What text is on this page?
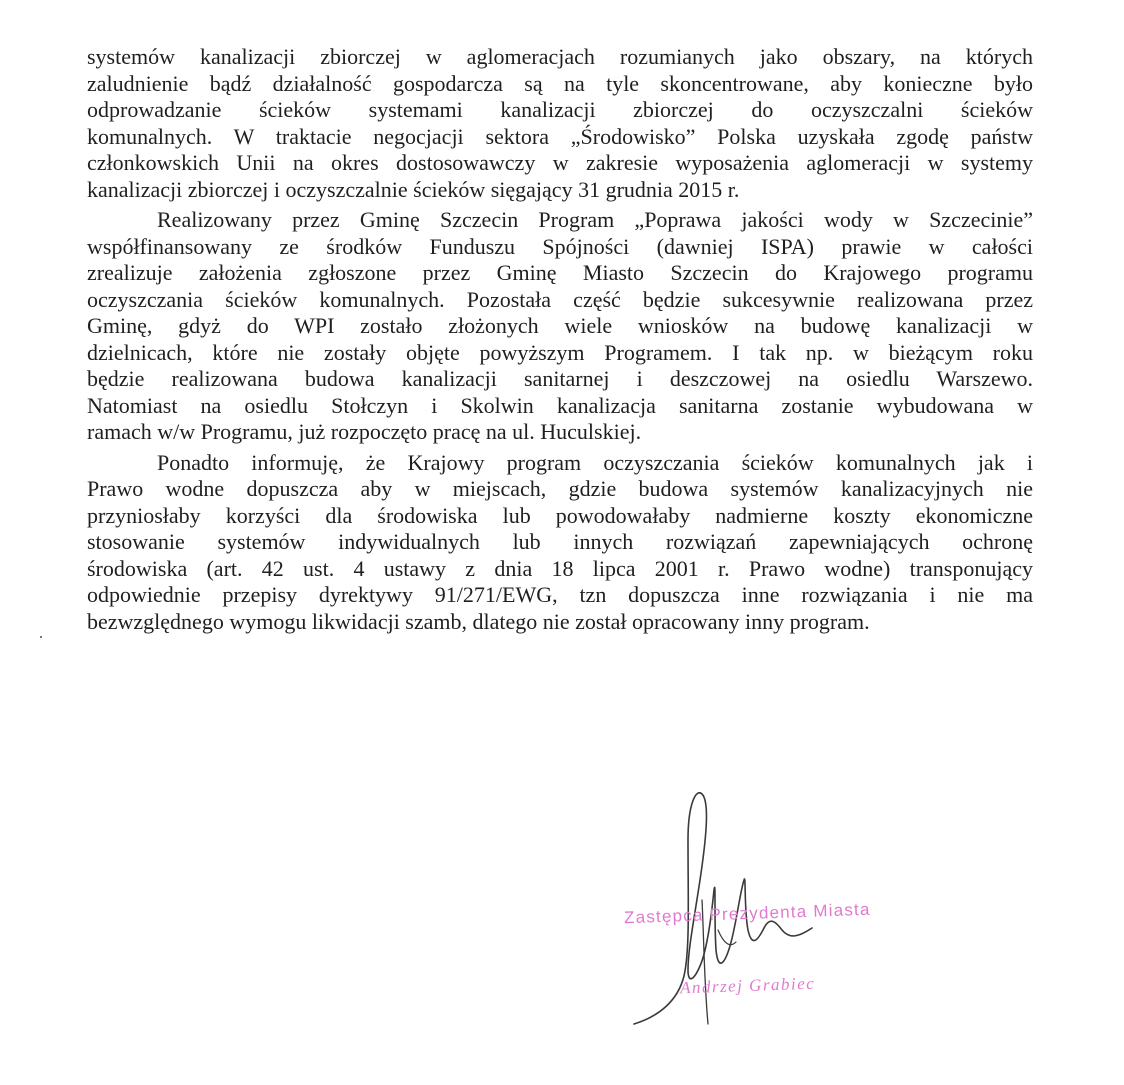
systemów kanalizacji zbiorczej w aglomeracjach rozumianych jako obszary, na których
zaludnienie bądź działalność gospodarcza są na tyle skoncentrowane, aby konieczne było
odprowadzanie ścieków systemami kanalizacji zbiorczej do oczyszczalni ścieków
komunalnych. W traktacie negocjacji sektora „Środowisko” Polska uzyskała zgodę państw
członkowskich Unii na okres dostosowawczy w zakresie wyposażenia aglomeracji w systemy
kanalizacji zbiorczej i oczyszczalnie ścieków sięgający 31 grudnia 2015 r.
Realizowany przez Gminę Szczecin Program „Poprawa jakości wody w Szczecinie”
współfinansowany ze środków Funduszu Spójności (dawniej ISPA) prawie w całości
zrealizuje założenia zgłoszone przez Gminę Miasto Szczecin do Krajowego programu
oczyszczania ścieków komunalnych. Pozostała część będzie sukcesywnie realizowana przez
Gminę, gdyż do WPI zostało złożonych wiele wniosków na budowę kanalizacji w
dzielnicach, które nie zostały objęte powyższym Programem. I tak np. w bieżącym roku
będzie realizowana budowa kanalizacji sanitarnej i deszczowej na osiedlu Warszewo.
Natomiast na osiedlu Stołczyn i Skolwin kanalizacja sanitarna zostanie wybudowana w
ramach w/w Programu, już rozpoczęto pracę na ul. Huculskiej.
Ponadto informuję, że Krajowy program oczyszczania ścieków komunalnych jak i
Prawo wodne dopuszcza aby w miejscach, gdzie budowa systemów kanalizacyjnych nie
przyniosłaby korzyści dla środowiska lub powodowałaby nadmierne koszty ekonomiczne
stosowanie systemów indywidualnych lub innych rozwiązań zapewniających ochronę
środowiska (art. 42 ust. 4 ustawy z dnia 18 lipca 2001 r. Prawo wodne) transponujący
odpowiednie przepisy dyrektywy 91/271/EWG, tzn dopuszcza inne rozwiązania i nie ma
bezwzględnego wymogu likwidacji szamb, dlatego nie został opracowany inny program.
Zastępca Prezydenta Miasta
Andrzej Grabiec
